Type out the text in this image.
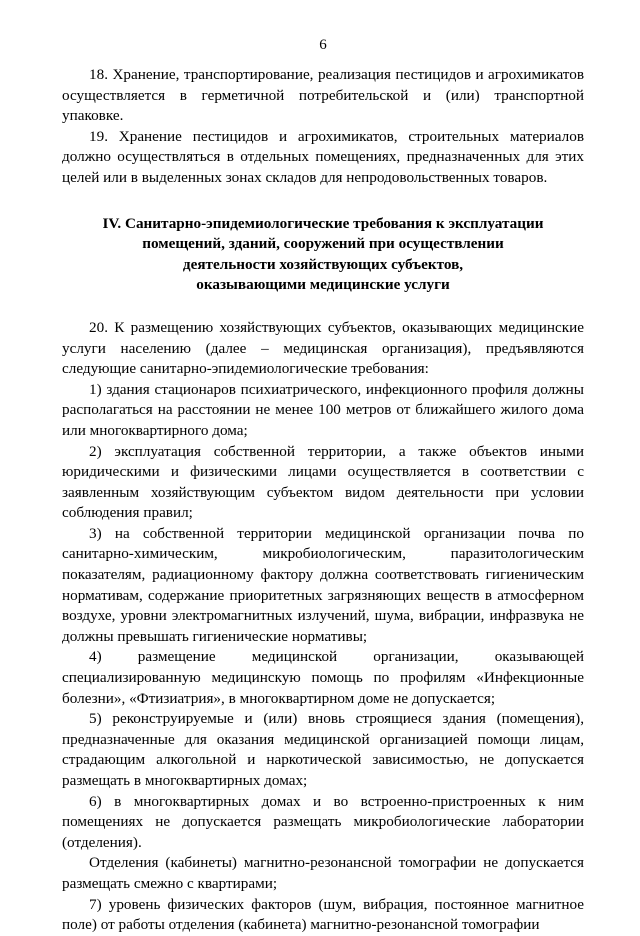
6

18. Хранение, транспортирование, реализация пестицидов и агрохимикатов осуществляется в герметичной потребительской и (или) транспортной упаковке.

19. Хранение пестицидов и агрохимикатов, строительных материалов должно осуществляться в отдельных помещениях, предназначенных для этих целей или в выделенных зонах складов для непродовольственных товаров.

IV. Санитарно-эпидемиологические требования к эксплуатации
помещений, зданий, сооружений при осуществлении
деятельности хозяйствующих субъектов,
оказывающими медицинские услуги

20. К размещению хозяйствующих субъектов, оказывающих медицинские услуги населению (далее – медицинская организация), предъявляются следующие санитарно-эпидемиологические требования:

1) здания стационаров психиатрического, инфекционного профиля должны располагаться на расстоянии не менее 100 метров от ближайшего жилого дома или многоквартирного дома;

2) эксплуатация собственной территории, а также объектов иными юридическими и физическими лицами осуществляется в соответствии с заявленным хозяйствующим субъектом видом деятельности при условии соблюдения правил;

3) на собственной территории медицинской организации почва по санитарно-химическим, микробиологическим, паразитологическим показателям, радиационному фактору должна соответствовать гигиеническим нормативам, содержание приоритетных загрязняющих веществ в атмосферном воздухе, уровни электромагнитных излучений, шума, вибрации, инфразвука не должны превышать гигиенические нормативы;

4) размещение медицинской организации, оказывающей специализированную медицинскую помощь по профилям «Инфекционные болезни», «Фтизиатрия», в многоквартирном доме не допускается;

5) реконструируемые и (или) вновь строящиеся здания (помещения), предназначенные для оказания медицинской организацией помощи лицам, страдающим алкогольной и наркотической зависимостью, не допускается размещать в многоквартирных домах;

6) в многоквартирных домах и во встроенно-пристроенных к ним помещениях не допускается размещать микробиологические лаборатории (отделения).

Отделения (кабинеты) магнитно-резонансной томографии не допускается размещать смежно с квартирами;

7) уровень физических факторов (шум, вибрация, постоянное магнитное поле) от работы отделения (кабинета) магнитно-резонансной томографии
